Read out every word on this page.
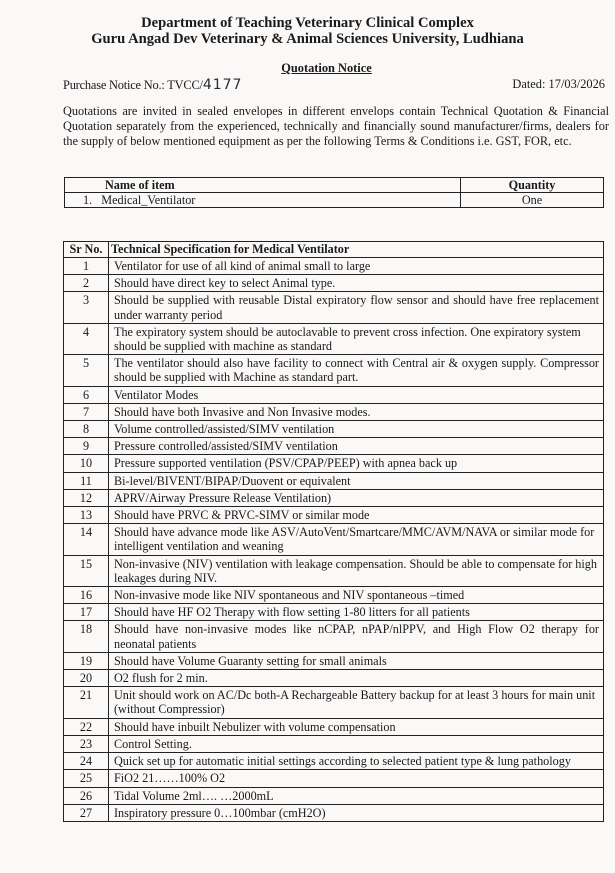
Department of Teaching Veterinary Clinical Complex
Guru Angad Dev Veterinary & Animal Sciences University, Ludhiana
Quotation Notice
Purchase Notice No.: TVCC/4177	Dated: 17/03/2026
Quotations are invited in sealed envelopes in different envelops contain Technical Quotation & Financial Quotation separately from the experienced, technically and financially sound manufacturer/firms, dealers for the supply of below mentioned equipment as per the following Terms & Conditions i.e. GST, FOR, etc.
Name of item	Quantity
1.   Medical_Ventilator	One
Sr No.	Technical Specification for Medical Ventilator
1	Ventilator for use of all kind of animal small to large
2	Should have direct key to select Animal type.
3	Should be supplied with reusable Distal expiratory flow sensor and should have free replacement under warranty period
4	The expiratory system should be autoclavable to prevent cross infection. One expiratory system should be supplied with machine as standard
5	The ventilator should also have facility to connect with Central air & oxygen supply. Compressor should be supplied with Machine as standard part.
6	Ventilator Modes
7	Should have both Invasive and Non Invasive modes.
8	Volume controlled/assisted/SIMV ventilation
9	Pressure controlled/assisted/SIMV ventilation
10	Pressure supported ventilation (PSV/CPAP/PEEP) with apnea back up
11	Bi-level/BIVENT/BIPAP/Duovent or equivalent
12	APRV/Airway Pressure Release Ventilation)
13	Should have PRVC & PRVC-SIMV or similar mode
14	Should have advance mode like ASV/AutoVent/Smartcare/MMC/AVM/NAVA or similar mode for intelligent ventilation and weaning
15	Non-invasive (NIV) ventilation with leakage compensation. Should be able to compensate for high leakages during NIV.
16	Non-invasive mode like NIV spontaneous and NIV spontaneous –timed
17	Should have HF O2 Therapy with flow setting 1-80 litters for all patients
18	Should have non-invasive modes like nCPAP, nPAP/nlPPV, and High Flow O2 therapy for neonatal patients
19	Should have Volume Guaranty setting for small animals
20	O2 flush for 2 min.
21	Unit should work on AC/Dc both-A Rechargeable Battery backup for at least 3 hours for main unit (without Compressior)
22	Should have inbuilt Nebulizer with volume compensation
23	Control Setting.
24	Quick set up for automatic initial settings according to selected patient type & lung pathology
25	FiO2 21……100% O2
26	Tidal Volume 2ml…. …2000mL
27	Inspiratory pressure 0…100mbar (cmH2O)
